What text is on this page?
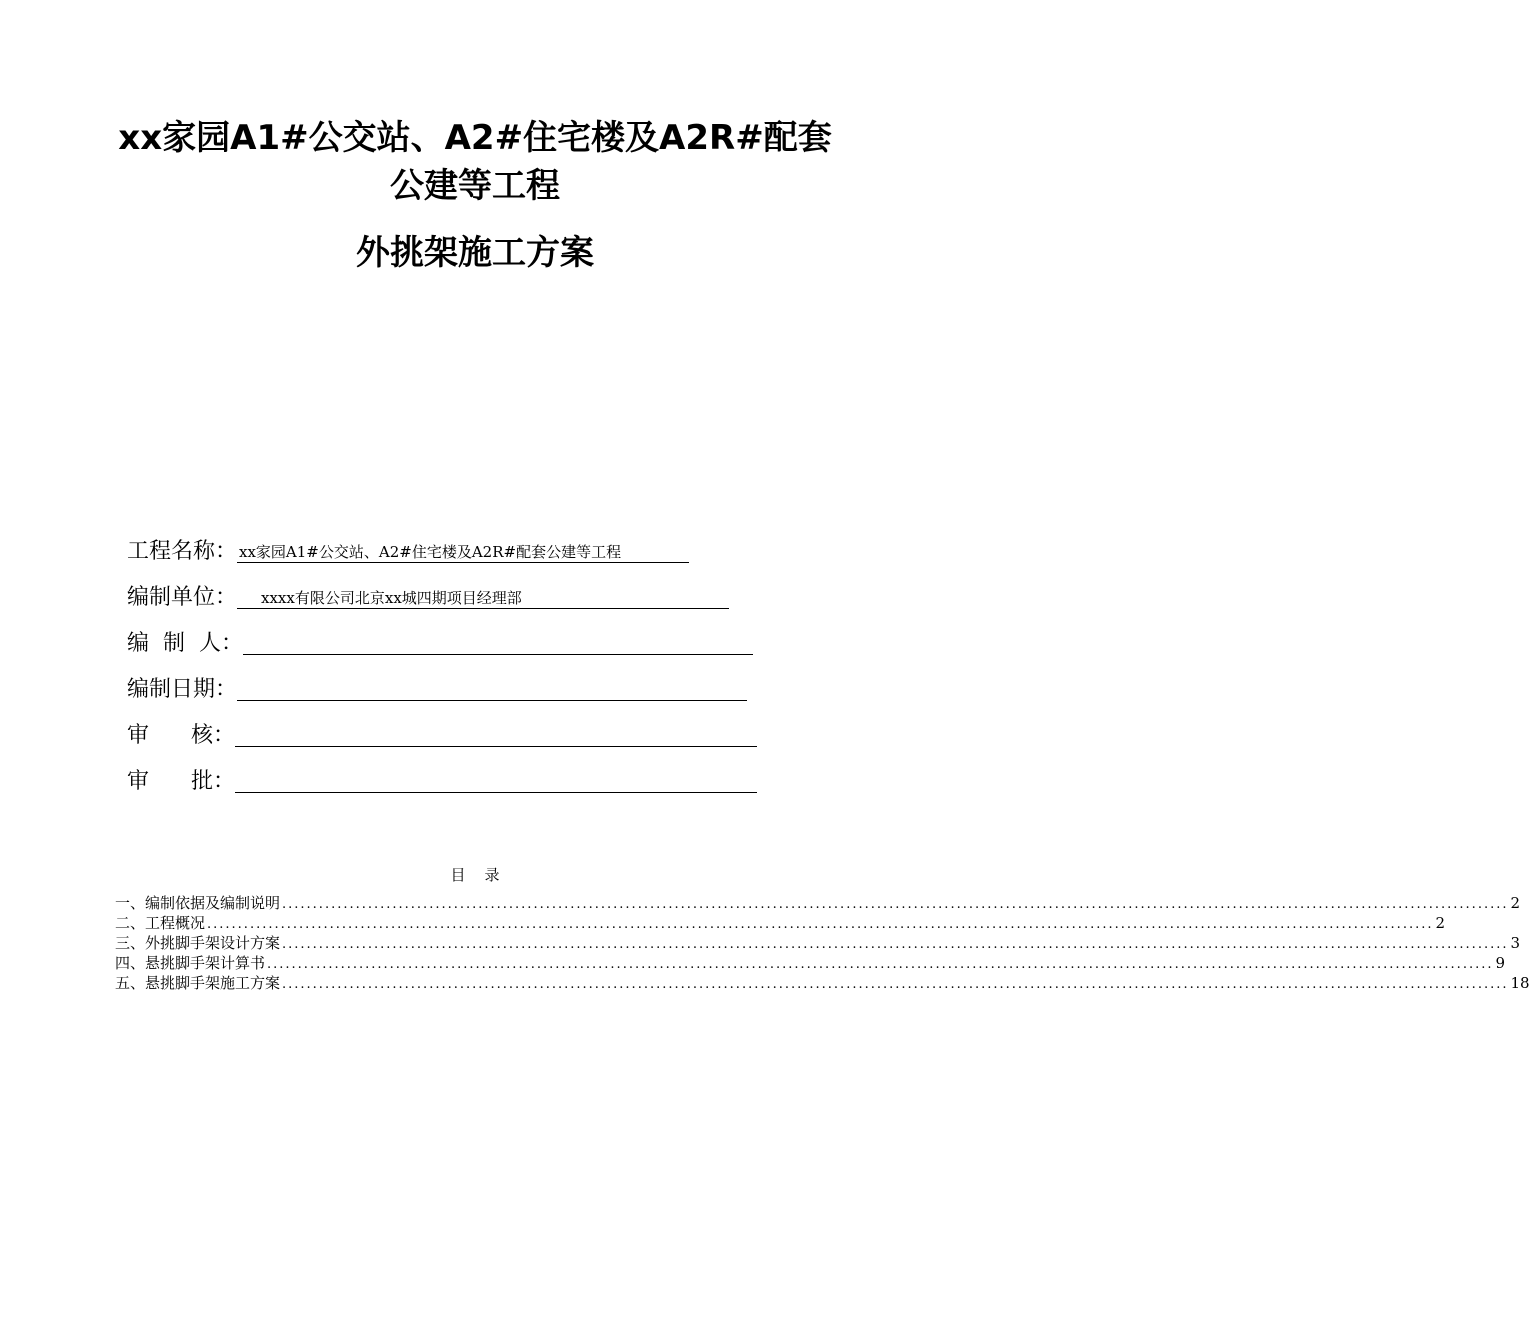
xx家园A1#公交站、A2#住宅楼及A2R#配套
公建等工程
外挑架施工方案
工程名称： xx家园A1#公交站、A2#住宅楼及A2R#配套公建等工程
编制单位：	xxxx有限公司北京xx城四期项目经理部
编  制  人：
编制日期：
审      核：
审      批：
目    录
一、编制依据及编制说明 ........................................................................................................................................................................................................ 2
二、工程概况 ........................................................................................................................................................................................................ 2
三、外挑脚手架设计方案 ........................................................................................................................................................................................................ 3
四、悬挑脚手架计算书 ........................................................................................................................................................................................................ 9
五、悬挑脚手架施工方案 ........................................................................................................................................................................................................ 18
